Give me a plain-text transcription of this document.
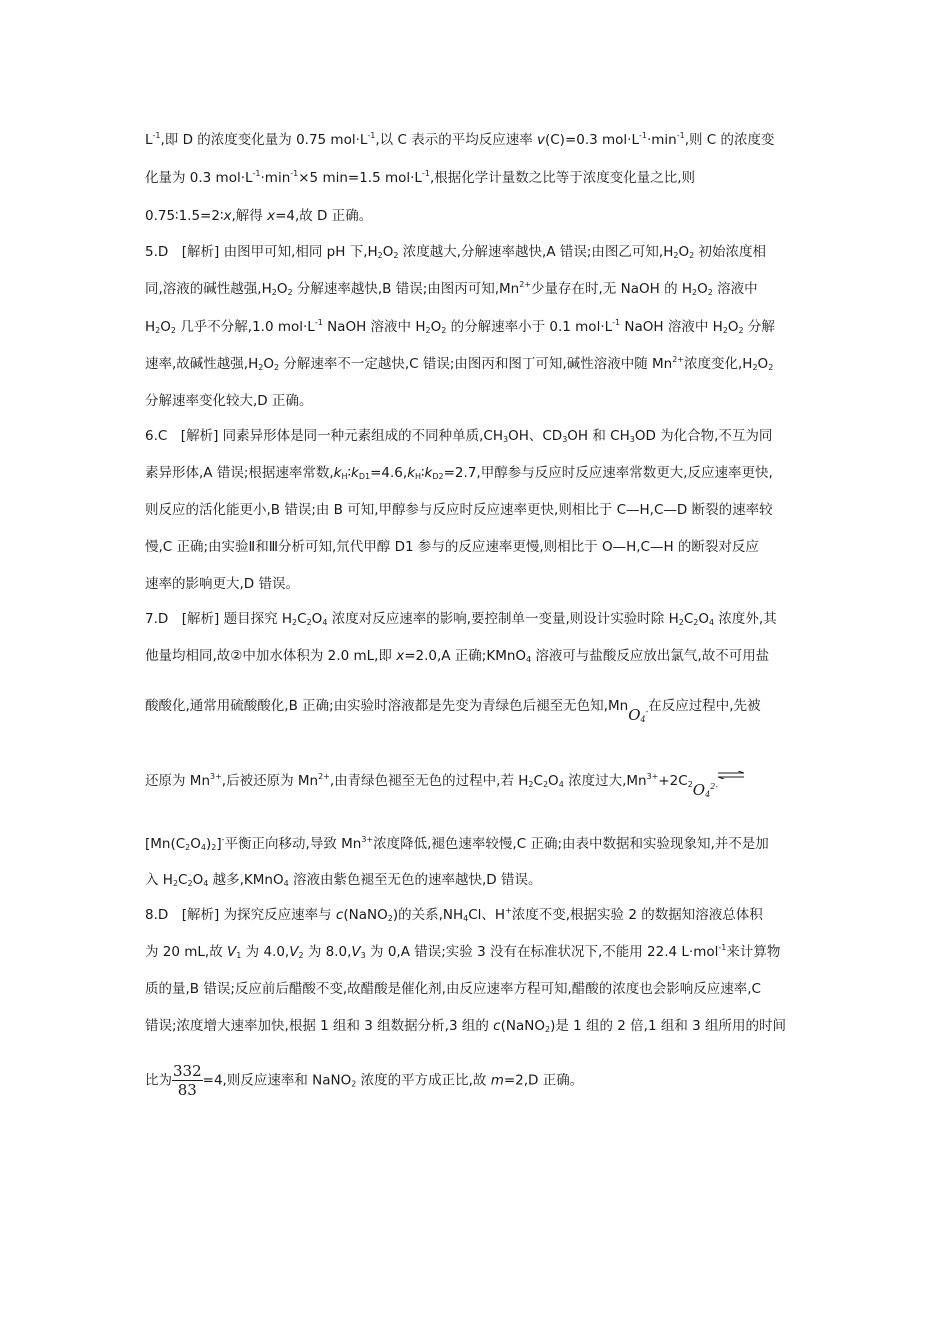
$L^{-1}$,即 D 的浓度变化量为 0.75 $mol\cdot L^{-1}$,以 C 表示的平均反应速率 v(C)=0.3 $mol\cdot L^{-1}\cdot\min^{-1}$,则 C 的浓度变
化量为 0.3 $mol\cdot L^{-1}\cdot\min^{-1}\times 5$ min=1.5 $mol\cdot L^{-1}$,根据化学计量数之比等于浓度变化量之比,则
0.75∶1.5=2∶x,解得 x=4,故 D 正确。
5.D　[解析] 由图甲可知,相同 pH 下$,H_2O_2$ 浓度越大,分解速率越快,A 错误;由图乙可知$,H_2O_2$ 初始浓度相
同,溶液的碱性越强$,H_2O_2$ 分解速率越快,B 错误;由图丙可知$,Mn^{2+}$少量存在时,无 NaOH 的 $H_2O_2$ 溶液中
$H_2O_2$ 几乎不分解,1.0 $mol\cdot L^{-1}$ NaOH 溶液中 $H_2O_2$ 的分解速率小于 0.1 $mol\cdot L^{-1}$ NaOH 溶液中 $H_2O_2$ 分解
速率,故碱性越强$,H_2O_2$ 分解速率不一定越快,C 错误;由图丙和图丁可知,碱性溶液中随 $Mn^{2+}$浓度变化$,H_2O_2$
分解速率变化较大,D 正确。
6.C　[解析] 同素异形体是同一种元素组成的不同种单质$,CH_3OH$、$CD_3OH$ 和 $CH_3OD$ 为化合物,不互为同
素异形体,A 错误;根据速率常数$,k_H∶k_{D1}=4.6,k_H∶k_{D2}=2.7$,甲醇参与反应时反应速率常数更大,反应速率更快,
则反应的活化能更小,B 错误;由 B 可知,甲醇参与反应时反应速率更快,则相比于 C—H,C—D 断裂的速率较
慢,C 正确;由实验Ⅱ和Ⅲ分析可知,氘代甲醇 D1 参与的反应速率更慢,则相比于 O—H,C—H 的断裂对反应
速率的影响更大,D 错误。
7.D　[解析] 题目探究 $H_2C_2O_4$ 浓度对反应速率的影响,要控制单一变量,则设计实验时除 $H_2C_2O_4$ 浓度外,其
他量均相同,故②中加水体积为 2.0 mL,即 x=2.0,A 正确;KMnO$_4$ 溶液可与盐酸反应放出氯气,故不可用盐
酸酸化,通常用硫酸酸化,B 正确;由实验时溶液都是先变为青绿色后褪至无色知,MnO$_4$-在反应过程中,先被
还原为 $Mn^{3+}$,后被还原为 $Mn^{2+}$,由青绿色褪至无色的过程中,若 $H_2C_2O_4$ 浓度过大$,Mn^{3+}+2C_2O_4^{2-}$
$[Mn(C_2O_4)_2]^-$平衡正向移动,导致 $Mn^{3+}$浓度降低,褪色速率较慢,C 正确;由表中数据和实验现象知,并不是加
入 $H_2C_2O_4$ 越多,KMnO$_4$ 溶液由紫色褪至无色的速率越快,D 错误。
8.D　[解析] 为探究反应速率与 c(NaNO$_2$)的关系$,NH_4Cl$、H+浓度不变,根据实验 2 的数据知溶液总体积
为 20 mL,故 $V_1$ 为 $4.0,V_2$ 为 $8.0,V_3$ 为 0,A 错误;实验 3 没有在标准状况下,不能用 22.4 L·mol$^{-1}$来计算物
质的量,B 错误;反应前后醋酸不变,故醋酸是催化剂,由反应速率方程可知,醋酸的浓度也会影响反应速率,C
错误;浓度增大速率加快,根据 1 组和 3 组数据分析,3 组的 c(NaNO$_2$)是 1 组的 2 倍,1 组和 3 组所用的时间
比为 $\frac{332}{83} =4$,则反应速率和 NaNO$_2$ 浓度的平方成正比,故 m=2,D 正确。
